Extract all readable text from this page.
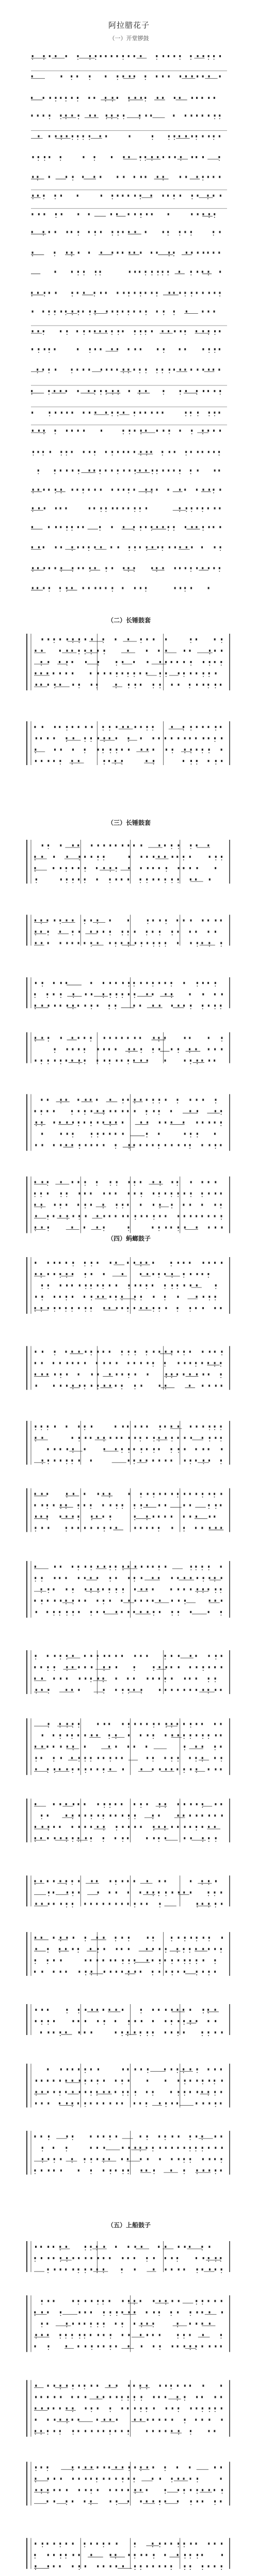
阿拉腊花子
（一）开堂锣鼓
（二）长锤鼓套
（三）长锤鼓套
（四）蚂螂鼓子
（五）上船鼓子
